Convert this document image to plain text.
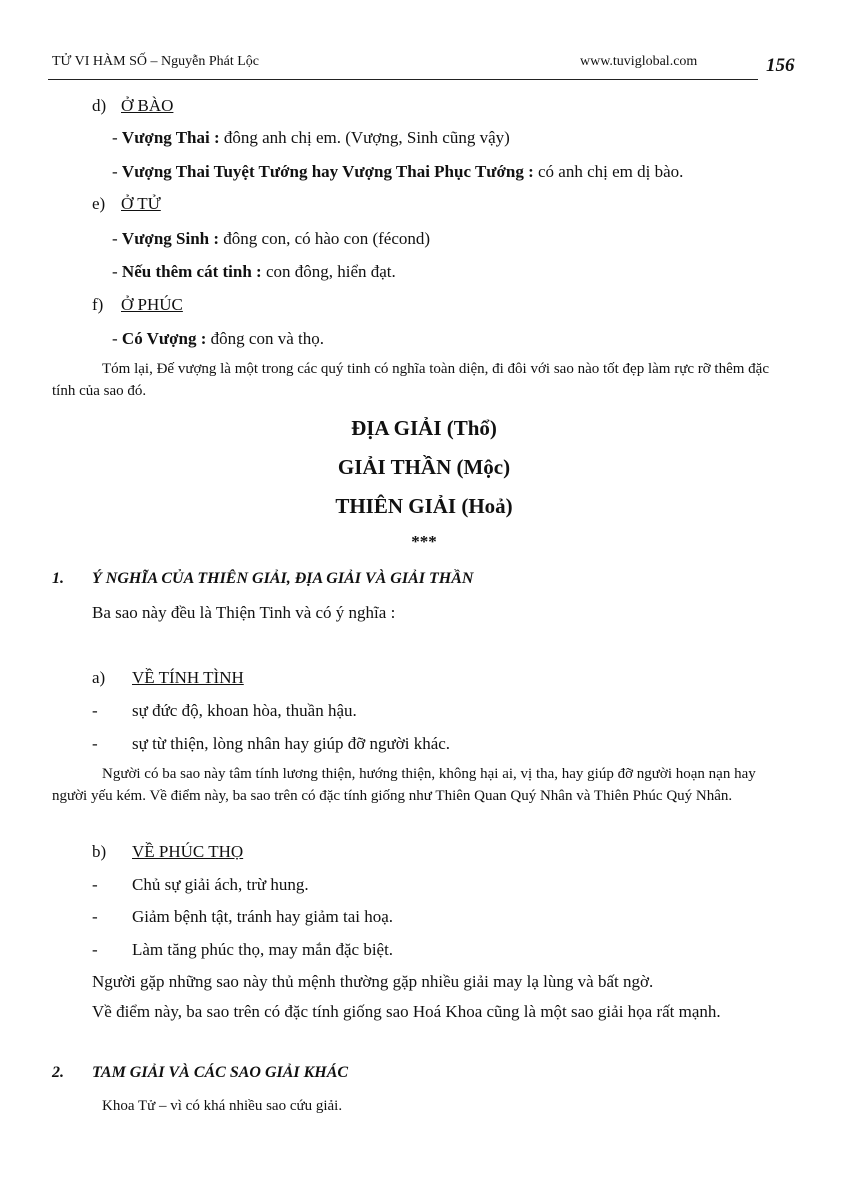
TỬ VI HÀM SỐ – Nguyễn Phát Lộc	www.tuviglobal.com	156
d) Ở BÀO
- Vượng Thai : đông anh chị em. (Vượng, Sinh cũng vậy)
- Vượng Thai Tuyệt Tướng hay Vượng Thai Phục Tướng : có anh chị em dị bào.
e) Ở TỬ
- Vượng Sinh : đông con, có hào con (fécond)
- Nếu thêm cát tinh : con đông, hiển đạt.
f) Ở PHÚC
- Có Vượng : đông con và thọ.
Tóm lại, Đế vượng là một trong các quý tinh có nghĩa toàn diện, đi đôi với sao nào tốt đẹp làm rực rỡ thêm đặc tính của sao đó.
ĐỊA GIẢI (Thổ)
GIẢI THẦN (Mộc)
THIÊN GIẢI (Hoả)
***
1. Ý NGHĨA CỦA THIÊN GIẢI, ĐỊA GIẢI VÀ GIẢI THẦN
Ba sao này đều là Thiện Tinh và có ý nghĩa :
a) VỀ TÍNH TÌNH
- sự đức độ, khoan hòa, thuần hậu.
- sự từ thiện, lòng nhân hay giúp đỡ người khác.
Người có ba sao này tâm tính lương thiện, hướng thiện, không hại ai, vị tha, hay giúp đỡ người hoạn nạn hay người yếu kém. Về điểm này, ba sao trên có đặc tính giống như Thiên Quan Quý Nhân và Thiên Phúc Quý Nhân.
b) VỀ PHÚC THỌ
- Chủ sự giải ách, trừ hung.
- Giảm bệnh tật, tránh hay giảm tai hoạ.
- Làm tăng phúc thọ, may mắn đặc biệt.
Người gặp những sao này thủ mệnh thường gặp nhiều giải may lạ lùng và bất ngờ.
Về điểm này, ba sao trên có đặc tính giống sao Hoá Khoa cũng là một sao giải họa rất mạnh.
2. TAM GIẢI VÀ CÁC SAO GIẢI KHÁC
Khoa Tử – vì có khá nhiều sao cứu giải.
